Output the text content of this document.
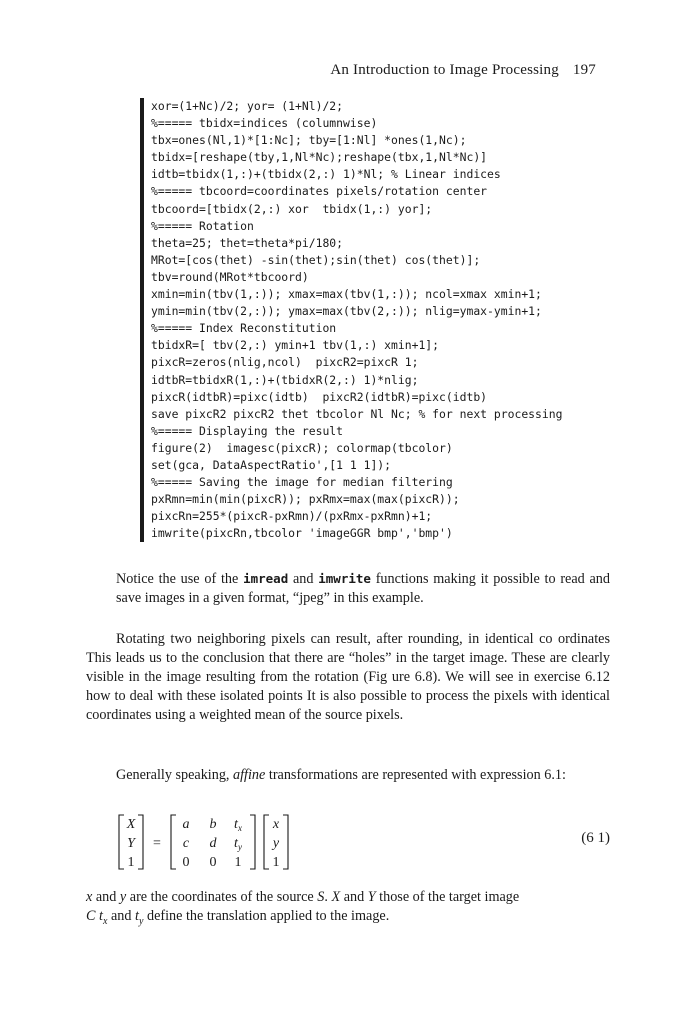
An Introduction to Image Processing 197
xor=(1+Nc)/2; yor= (1+Nl)/2;
%===== tbidx=indices (columnwise)
tbx=ones(Nl,1)*[1:Nc]; tby=[1:Nl] *ones(1,Nc);
tbidx=[reshape(tby,1,Nl*Nc);reshape(tbx,1,Nl*Nc)]
idtb=tbidx(1,:)+(tbidx(2,:) 1)*Nl; % Linear indices
%===== tbcoord=coordinates pixels/rotation center
tbcoord=[tbidx(2,:) xor  tbidx(1,:) yor];
%===== Rotation
theta=25; thet=theta*pi/180;
MRot=[cos(thet) -sin(thet);sin(thet) cos(thet)];
tbv=round(MRot*tbcoord)
xmin=min(tbv(1,:)); xmax=max(tbv(1,:)); ncol=xmax xmin+1;
ymin=min(tbv(2,:)); ymax=max(tbv(2,:)); nlig=ymax-ymin+1;
%===== Index Reconstitution
tbidxR=[ tbv(2,:) ymin+1 tbv(1,:) xmin+1];
pixcR=zeros(nlig,ncol)  pixcR2=pixcR 1;
idtbR=tbidxR(1,:)+(tbidxR(2,:) 1)*nlig;
pixcR(idtbR)=pixc(idtb)  pixcR2(idtbR)=pixc(idtb)
save pixcR2 pixcR2 thet tbcolor Nl Nc; % for next processing
%===== Displaying the result
figure(2)  imagesc(pixcR); colormap(tbcolor)
set(gca, DataAspectRatio',[1 1 1]);
%===== Saving the image for median filtering
pxRmn=min(min(pixcR)); pxRmx=max(max(pixcR));
pixcRn=255*(pixcR-pxRmn)/(pxRmx-pxRmn)+1;
imwrite(pixcRn,tbcolor 'imageGGR bmp','bmp')

Notice the use of the imread and imwrite functions making it possible to read and save images in a given format, “jpeg” in this example.

Rotating two neighboring pixels can result, after rounding, in identical co ordinates This leads us to the conclusion that there are “holes” in the target image. These are clearly visible in the image resulting from the rotation (Fig ure 6.8). We will see in exercise 6.12 how to deal with these isolated points It is also possible to process the pixels with identical coordinates using a weighted mean of the source pixels.

Generally speaking, affine transformations are represented with expression 6.1:

X
Y
1
=
a b $t_x$
c d $t_y$
0 0 1
x
y
1
(6 1)
x and y are the coordinates of the source S. X and Y those of the target image
C $t_x$ and $t_y$ define the translation applied to the image.
